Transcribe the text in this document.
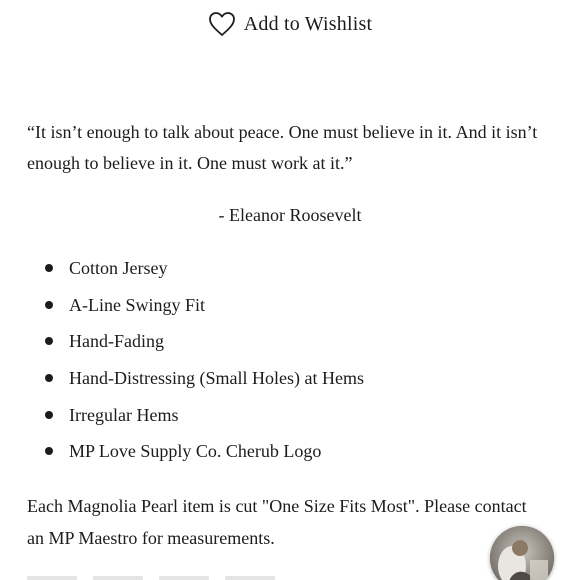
Add to Wishlist

“It isn’t enough to talk about peace. One must believe in it. And it isn’t enough to believe in it. One must work at it.”

- Eleanor Roosevelt
Cotton Jersey
A-Line Swingy Fit
Hand-Fading
Hand-Distressing (Small Holes) at Hems
Irregular Hems
MP Love Supply Co. Cherub Logo

Each Magnolia Pearl item is cut "One Size Fits Most". Please contact an MP Maestro for measurements.
